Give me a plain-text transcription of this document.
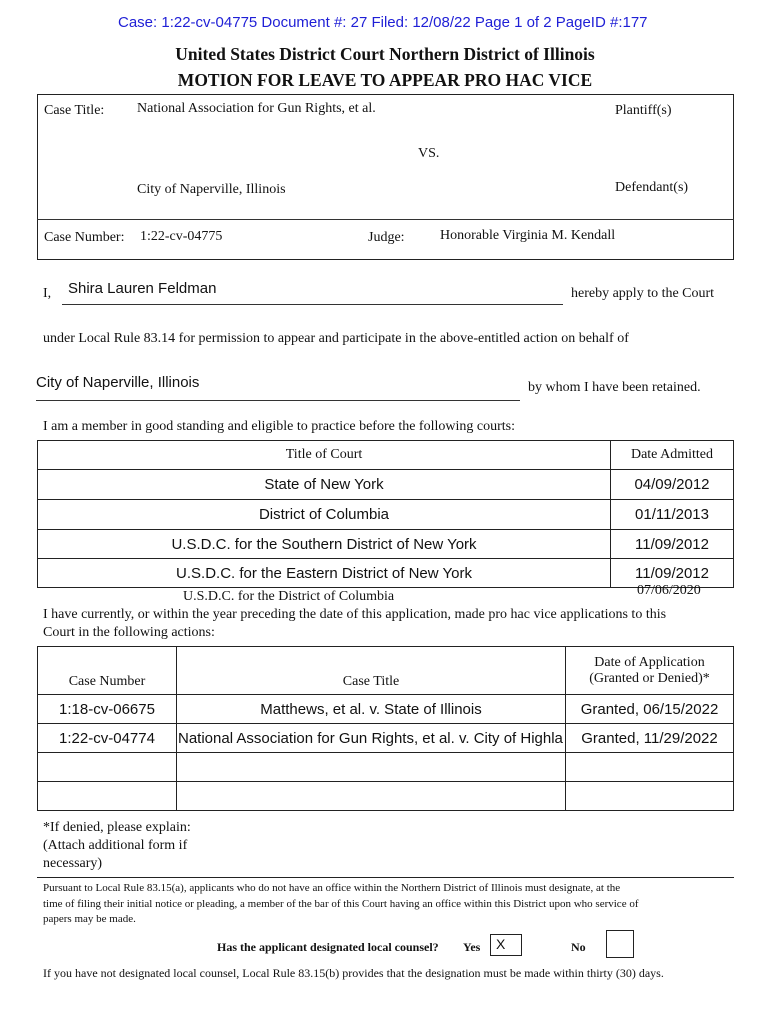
Case: 1:22-cv-04775 Document #: 27 Filed: 12/08/22 Page 1 of 2 PageID #:177
United States District Court Northern District of Illinois
MOTION FOR LEAVE TO APPEAR PRO HAC VICE
Case Title: National Association for Gun Rights, et al.	Plantiff(s)
VS.
City of Naperville, Illinois	Defendant(s)
Case Number: 1:22-cv-04775	Judge:	Honorable Virginia M. Kendall
I, Shira Lauren Feldman	hereby apply to the Court
under Local Rule 83.14 for permission to appear and participate in the above-entitled action on behalf of
City of Naperville, Illinois	by whom I have been retained.
I am a member in good standing and eligible to practice before the following courts:
Title of Court	Date Admitted
State of New York	04/09/2012
District of Columbia	01/11/2013
U.S.D.C. for the Southern District of New York	11/09/2012
U.S.D.C. for the Eastern District of New York	11/09/2012
U.S.D.C. for the District of Columbia	07/06/2020
I have currently, or within the year preceding the date of this application, made pro hac vice applications to this
Court in the following actions:
Case Number	Case Title	Date of Application
(Granted or Denied)*

1:18-cv-06675	Matthews, et al. v. State of Illinois	Granted, 06/15/2022
1:22-cv-04774	National Association for Gun Rights, et al. v. City of Highla	Granted, 11/29/2022

*If denied, please explain:
(Attach additional form if
necessary)
Pursuant to Local Rule 83.15(a), applicants who do not have an office within the Northern District of Illinois must designate, at the
time of filing their initial notice or pleading, a member of the bar of this Court having an office within this District upon who service of
papers may be made.
Has the applicant designated local counsel? Yes X	No
If you have not designated local counsel, Local Rule 83.15(b) provides that the designation must be made within thirty (30) days.
